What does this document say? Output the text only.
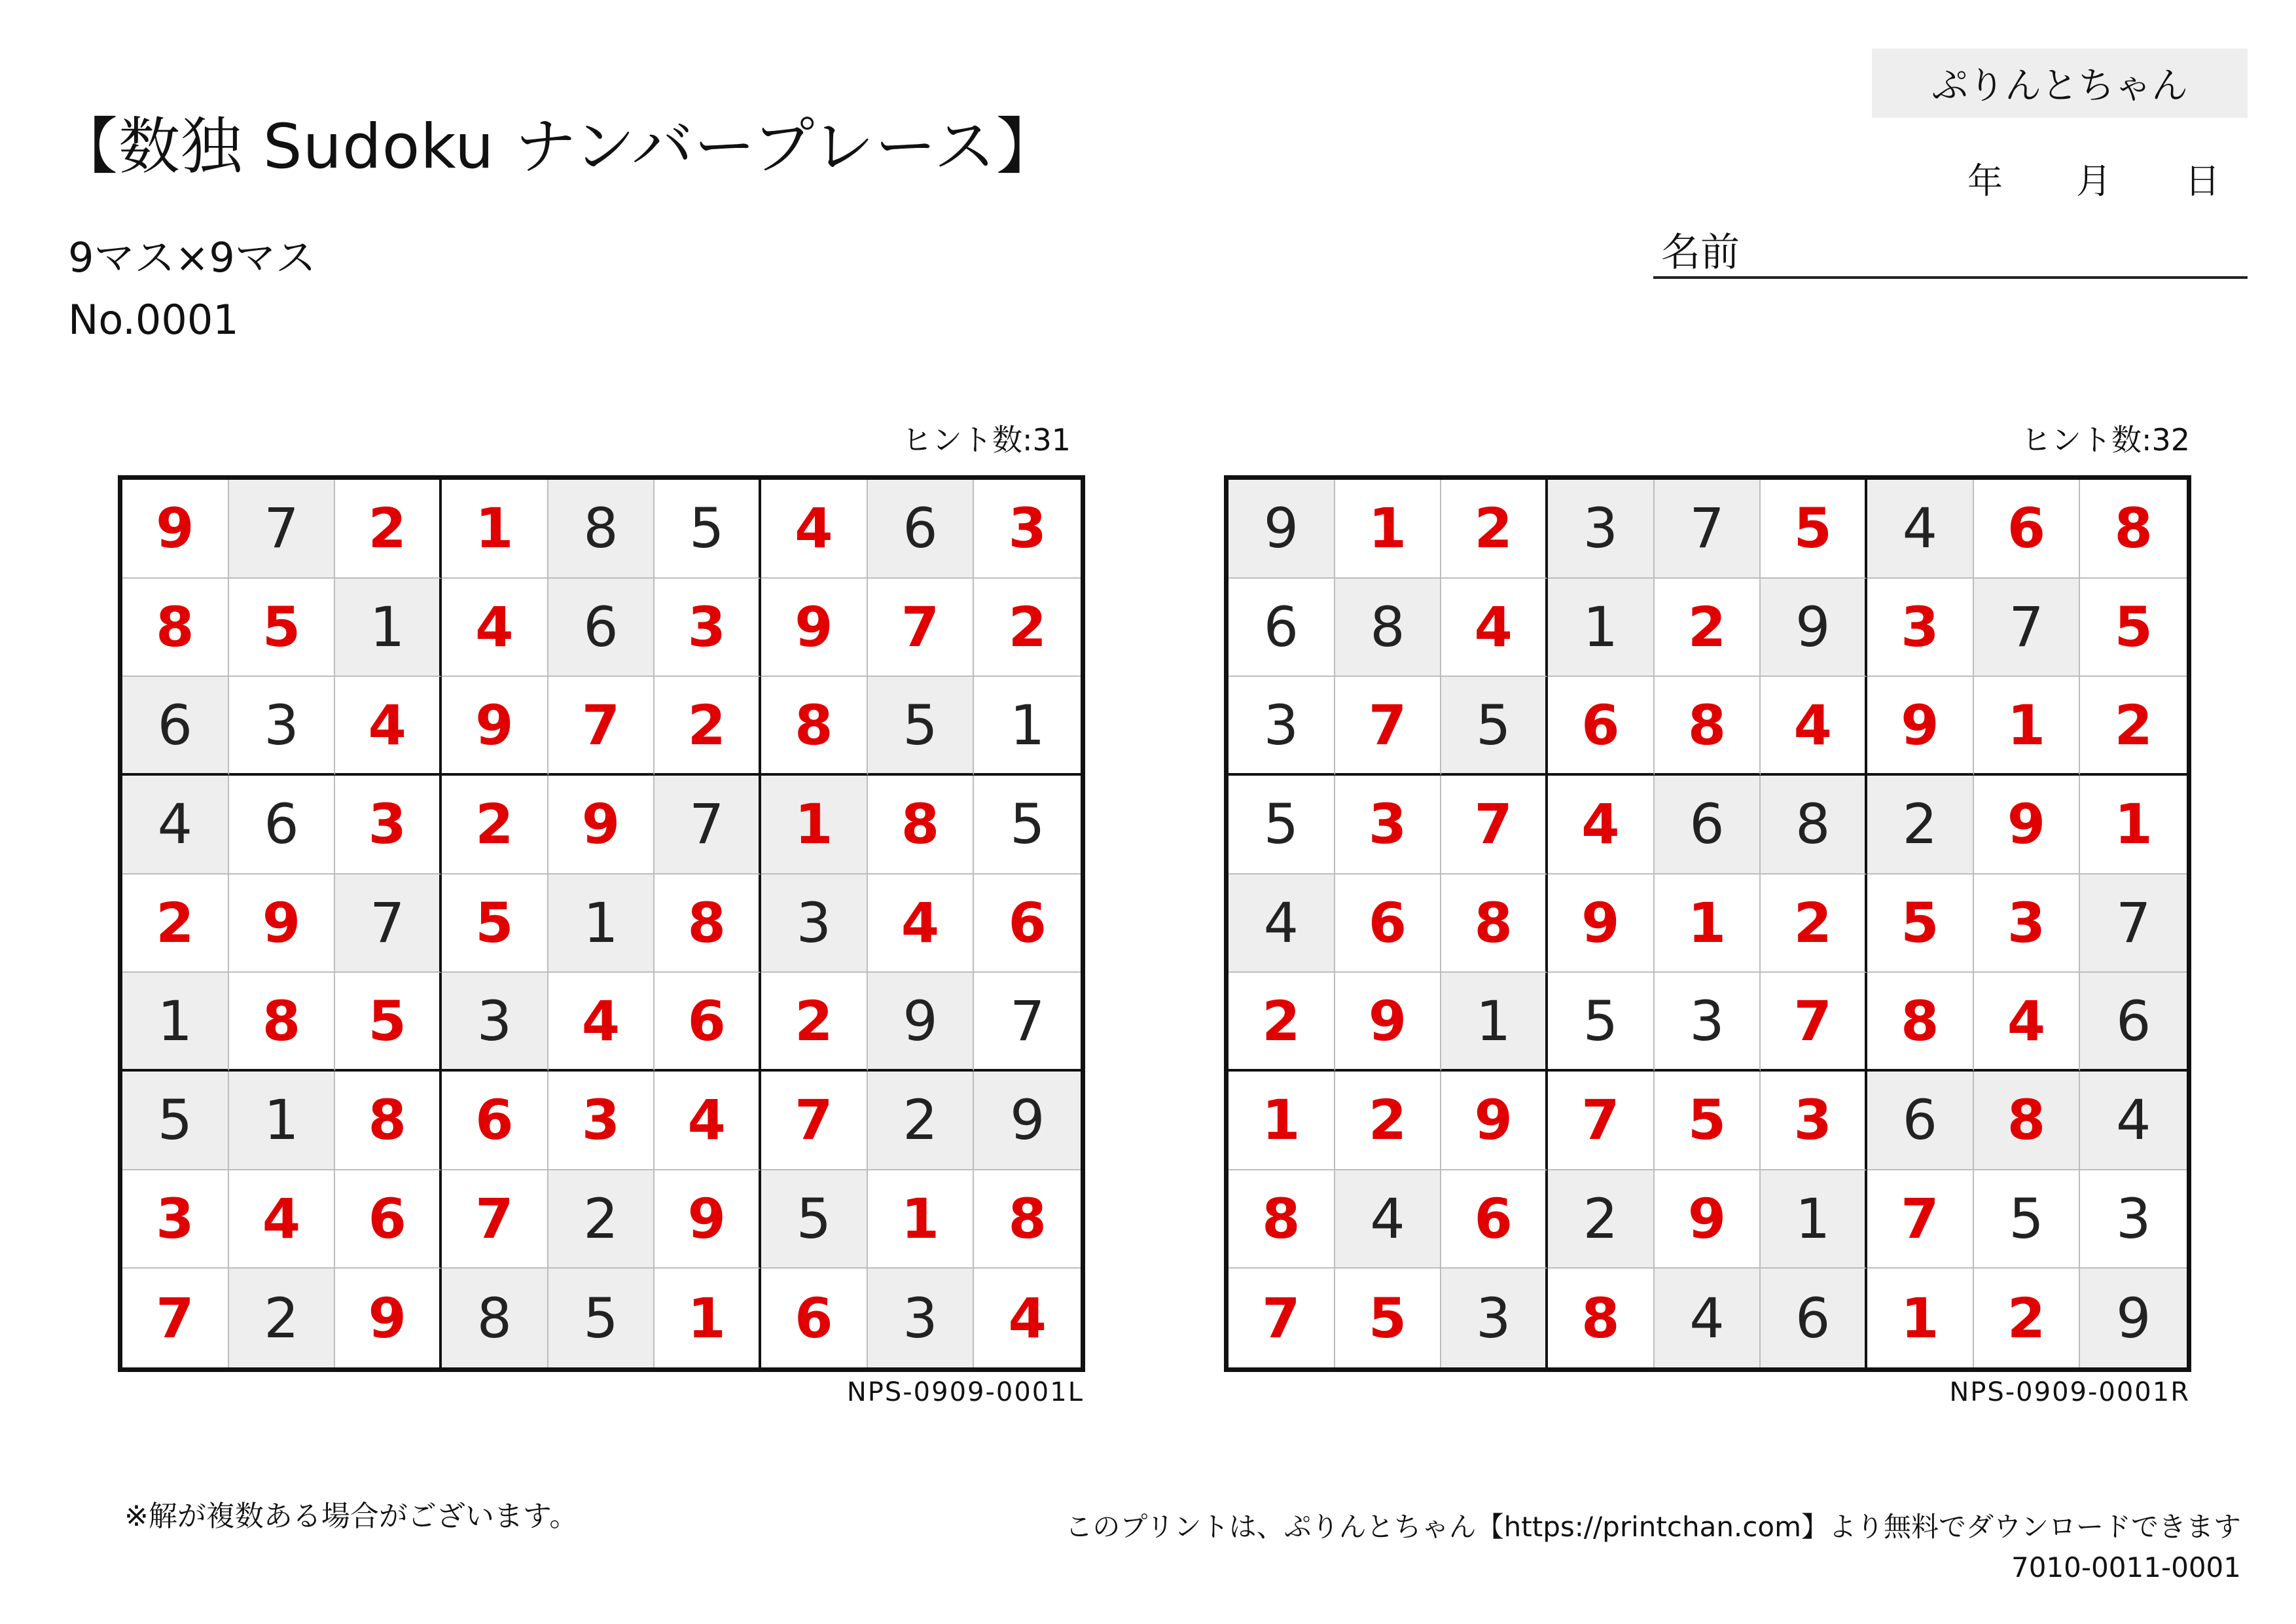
【数独 Sudoku ナンバープレース】
9マス×9マス
No.0001
ぷりんとちゃん
年 月 日
名前
ヒント数:31	ヒント数:32
9	7	2	1	8	5	4	6	3
8	5	1	4	6	3	9	7	2
6	3	4	9	7	2	8	5	1
4	6	3	2	9	7	1	8	5
2	9	7	5	1	8	3	4	6
1	8	5	3	4	6	2	9	7
5	1	8	6	3	4	7	2	9
3	4	6	7	2	9	5	1	8
7	2	9	8	5	1	6	3	4
9	1	2	3	7	5	4	6	8
6	8	4	1	2	9	3	7	5
3	7	5	6	8	4	9	1	2
5	3	7	4	6	8	2	9	1
4	6	8	9	1	2	5	3	7
2	9	1	5	3	7	8	4	6
1	2	9	7	5	3	6	8	4
8	4	6	2	9	1	7	5	3
7	5	3	8	4	6	1	2	9
NPS-0909-0001L	NPS-0909-0001R
※解が複数ある場合がございます。	このプリントは、ぷりんとちゃん【https://printchan.com】より無料でダウンロードできます
7010-0011-0001
